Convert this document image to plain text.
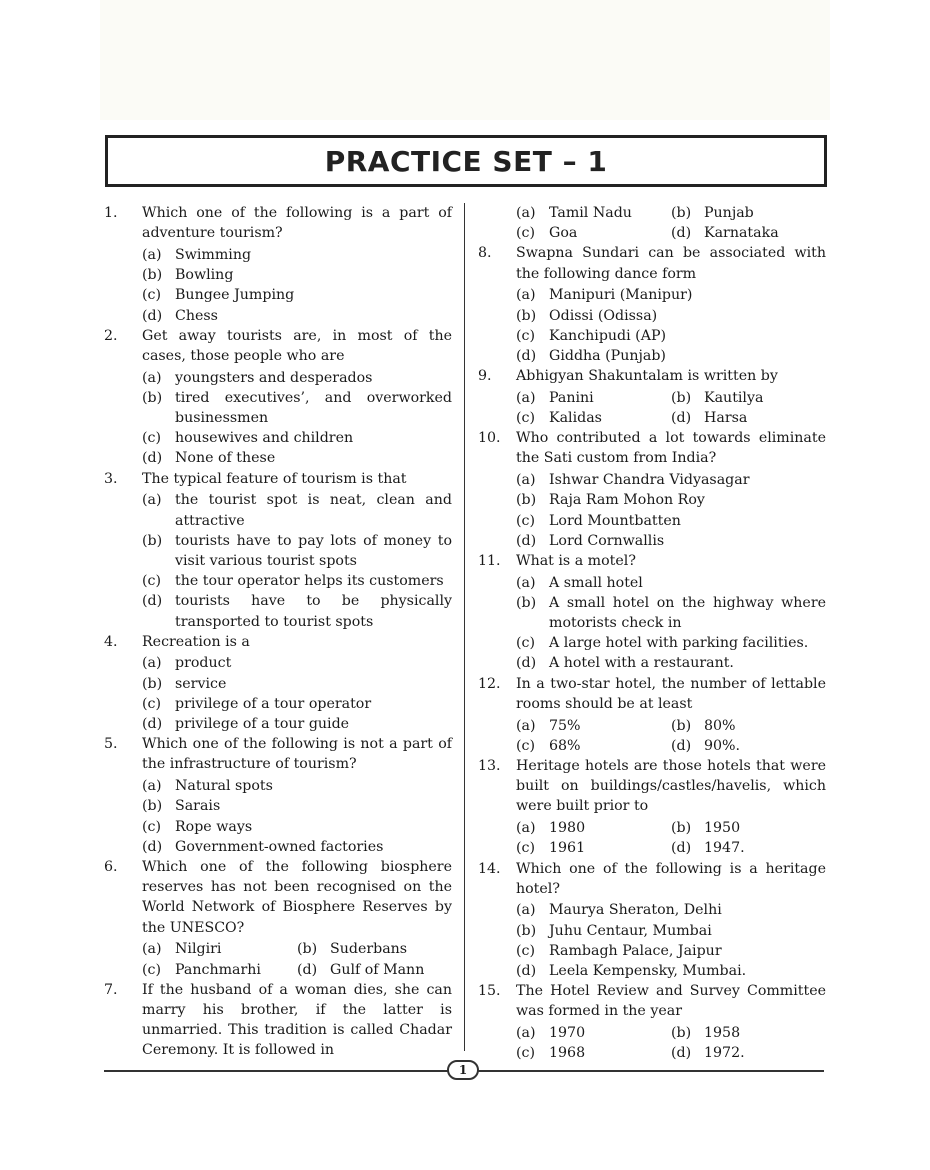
PRACTICE SET – 1
1.	Which one of the following is a part of adventure tourism?
(a) Swimming
(b) Bowling
(c) Bungee Jumping
(d) Chess
2.	Get away tourists are, in most of the cases, those people who are
(a) youngsters and desperados
(b) tired executives’, and overworked businessmen
(c) housewives and children
(d) None of these
3.	The typical feature of tourism is that
(a) the tourist spot is neat, clean and attractive
(b) tourists have to pay lots of money to visit various tourist spots
(c) the tour operator helps its customers
(d) tourists have to be physically transported to tourist spots
4.	Recreation is a
(a) product
(b) service
(c) privilege of a tour operator
(d) privilege of a tour guide
5.	Which one of the following is not a part of the infrastructure of tourism?
(a) Natural spots
(b) Sarais
(c) Rope ways
(d) Government-owned factories
6.	Which one of the following biosphere reserves has not been recognised on the World Network of Biosphere Reserves by the UNESCO?
(a) Nilgiri	(b) Suderbans
(c) Panchmarhi	(d) Gulf of Mann
7.	If the husband of a woman dies, she can marry his brother, if the latter is unmarried. This tradition is called Chadar Ceremony. It is followed in
(a) Tamil Nadu	(b) Punjab
(c) Goa	(d) Karnataka
8.	Swapna Sundari can be associated with the following dance form
(a) Manipuri (Manipur)
(b) Odissi (Odissa)
(c) Kanchipudi (AP)
(d) Giddha (Punjab)
9.	Abhigyan Shakuntalam is written by
(a) Panini	(b) Kautilya
(c) Kalidas	(d) Harsa
10.	Who contributed a lot towards eliminate the Sati custom from India?
(a) Ishwar Chandra Vidyasagar
(b) Raja Ram Mohon Roy
(c) Lord Mountbatten
(d) Lord Cornwallis
11.	What is a motel?
(a) A small hotel
(b) A small hotel on the highway where motorists check in
(c) A large hotel with parking facilities.
(d) A hotel with a restaurant.
12.	In a two-star hotel, the number of lettable rooms should be at least
(a) 75%	(b) 80%
(c) 68%	(d) 90%.
13.	Heritage hotels are those hotels that were built on buildings/castles/havelis, which were built prior to
(a) 1980	(b) 1950
(c) 1961	(d) 1947.
14.	Which one of the following is a heritage hotel?
(a) Maurya Sheraton, Delhi
(b) Juhu Centaur, Mumbai
(c) Rambagh Palace, Jaipur
(d) Leela Kempensky, Mumbai.
15.	The Hotel Review and Survey Committee was formed in the year
(a) 1970	(b) 1958
(c) 1968	(d) 1972.
1
